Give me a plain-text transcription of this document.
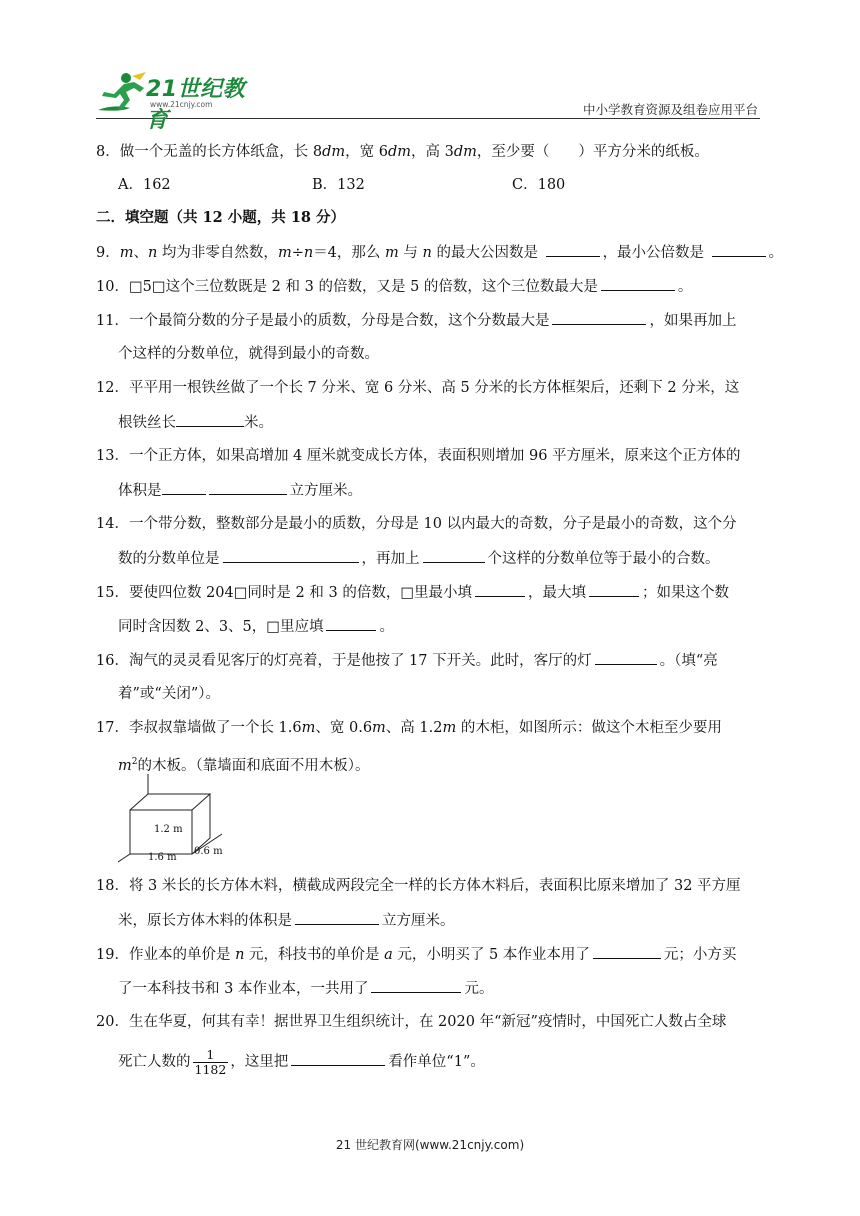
21世纪教育
www.21cnjy.com	中小学教育资源及组卷应用平台
8．做一个无盖的长方体纸盒，长 8dm，宽 6dm，高 3dm，至少要（　　）平方分米的纸板。
A．162	B．132	C．180
二．填空题（共 12 小题，共 18 分）
9．m、n 均为非零自然数，m÷n＝4，那么 m 与 n 的最大公因数是	，最小公倍数是	。
10．□5□这个三位数既是 2 和 3 的倍数，又是 5 的倍数，这个三位数最大是	。
11．一个最简分数的分子是最小的质数，分母是合数，这个分数最大是	，如果再加上
个这样的分数单位，就得到最小的奇数。
12．平平用一根铁丝做了一个长 7 分米、宽 6 分米、高 5 分米的长方体框架后，还剩下 2 分米，这
根铁丝长	米。
13．一个正方体，如果高增加 4 厘米就变成长方体，表面积则增加 96 平方厘米，原来这个正方体的
体积是	立方厘米。
14．一个带分数，整数部分是最小的质数，分母是 10 以内最大的奇数，分子是最小的奇数，这个分
数的分数单位是	，再加上	个这样的分数单位等于最小的合数。
15．要使四位数 204□同时是 2 和 3 的倍数，□里最小填	，最大填	；如果这个数
同时含因数 2、3、5，□里应填	。
16．淘气的灵灵看见客厅的灯亮着，于是他按了 17 下开关。此时，客厅的灯	。（填“亮
着”或“关闭”）。
17．李叔叔靠墙做了一个长 1.6m、宽 0.6m、高 1.2m 的木柜，如图所示：做这个木柜至少要用
$m^2$的木板。（靠墙面和底面不用木板）。
1.2 m
0.6 m
1.6 m
18．将 3 米长的长方体木料，横截成两段完全一样的长方体木料后，表面积比原来增加了 32 平方厘
米，原长方体木料的体积是	立方厘米。
19．作业本的单价是 n 元，科技书的单价是 a 元，小明买了 5 本作业本用了	元；小方买
了一本科技书和 3 本作业本，一共用了	元。
20．生在华夏，何其有幸！据世界卫生组织统计，在 2020 年“新冠”疫情时，中国死亡人数占全球
死亡人数的 $\frac{1}{1182}$ ，这里把	看作单位“1”。
21 世纪教育网(www.21cnjy.com)
